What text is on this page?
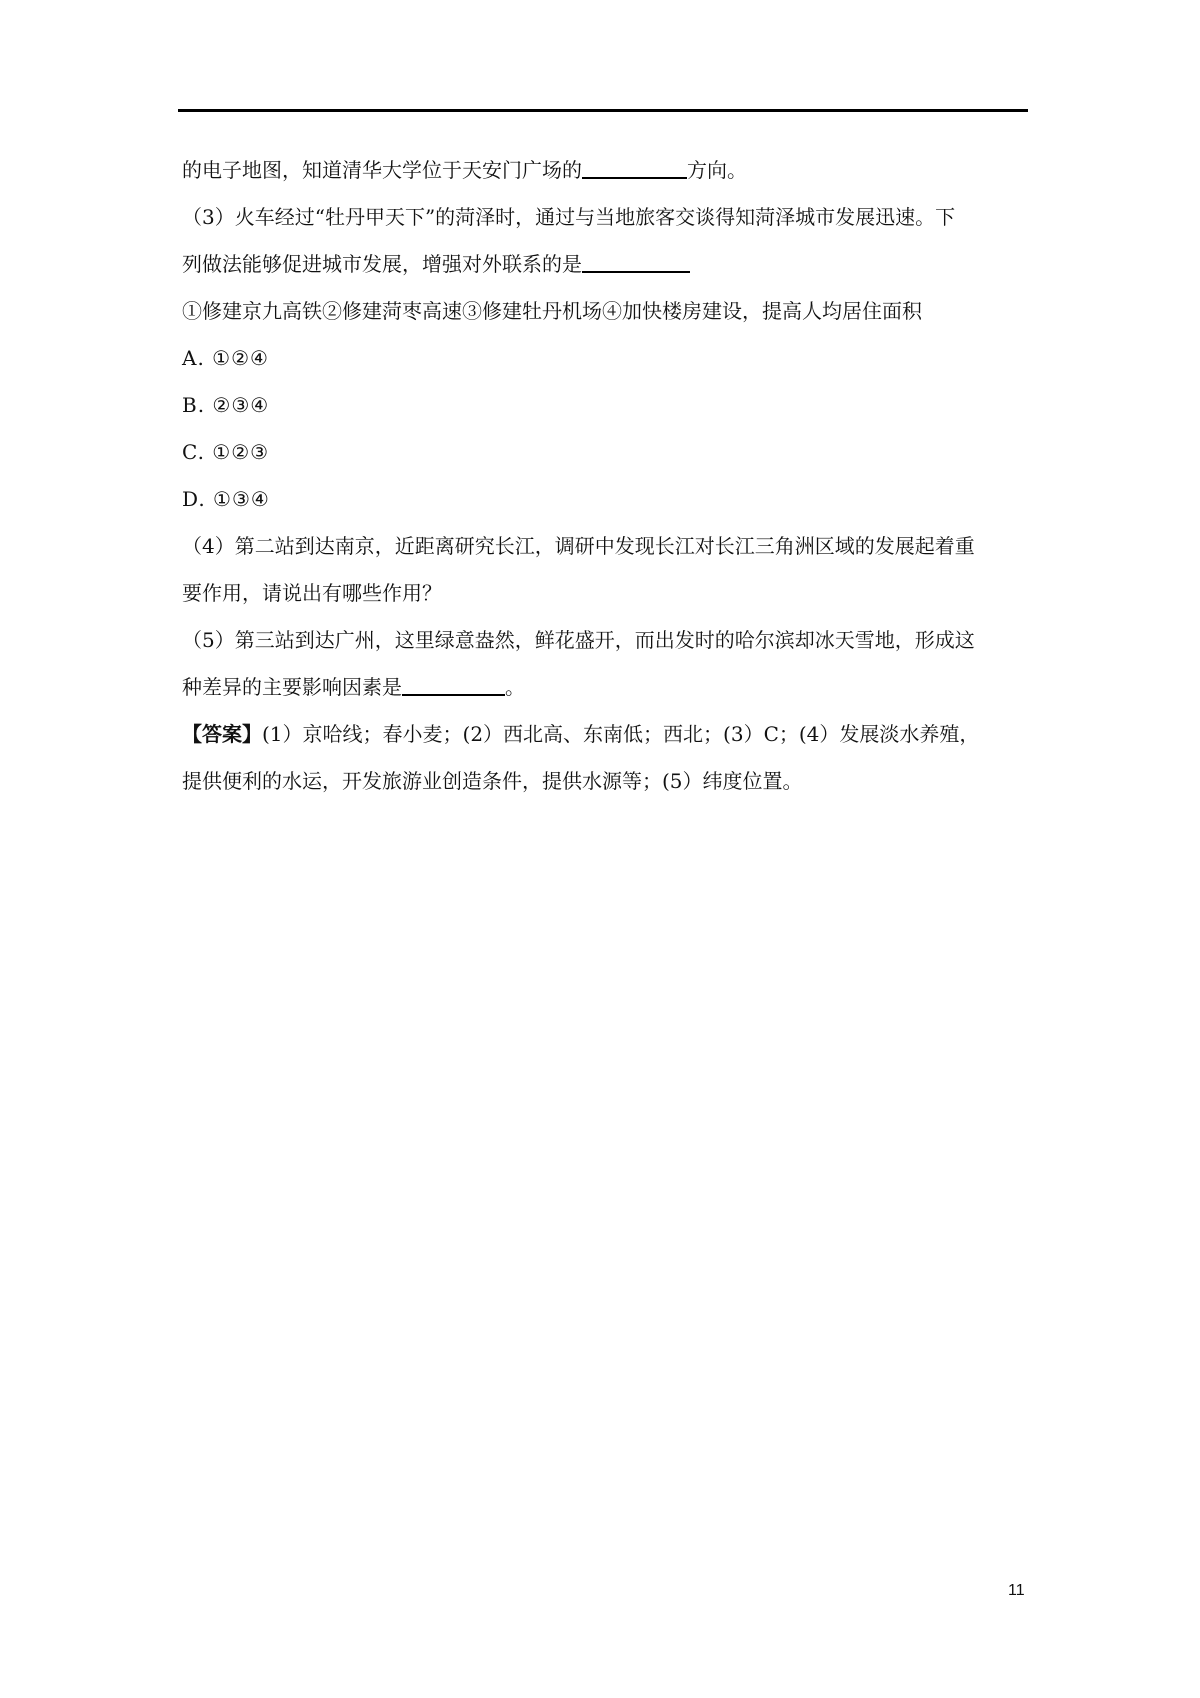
的电子地图，知道清华大学位于天安门广场的	方向。
（3）火车经过“牡丹甲天下”的菏泽时，通过与当地旅客交谈得知菏泽城市发展迅速。下
列做法能够促进城市发展，增强对外联系的是
①修建京九高铁②修建菏枣高速③修建牡丹机场④加快楼房建设，提高人均居住面积
A. ①②④
B. ②③④
C. ①②③
D. ①③④
（4）第二站到达南京，近距离研究长江，调研中发现长江对长江三角洲区域的发展起着重
要作用，请说出有哪些作用？
（5）第三站到达广州，这里绿意盎然，鲜花盛开，而出发时的哈尔滨却冰天雪地，形成这
种差异的主要影响因素是	。
【答案】(1）京哈线；春小麦；(2）西北高、东南低；西北；(3）C；(4）发展淡水养殖，
提供便利的水运，开发旅游业创造条件，提供水源等；(5）纬度位置。
11
